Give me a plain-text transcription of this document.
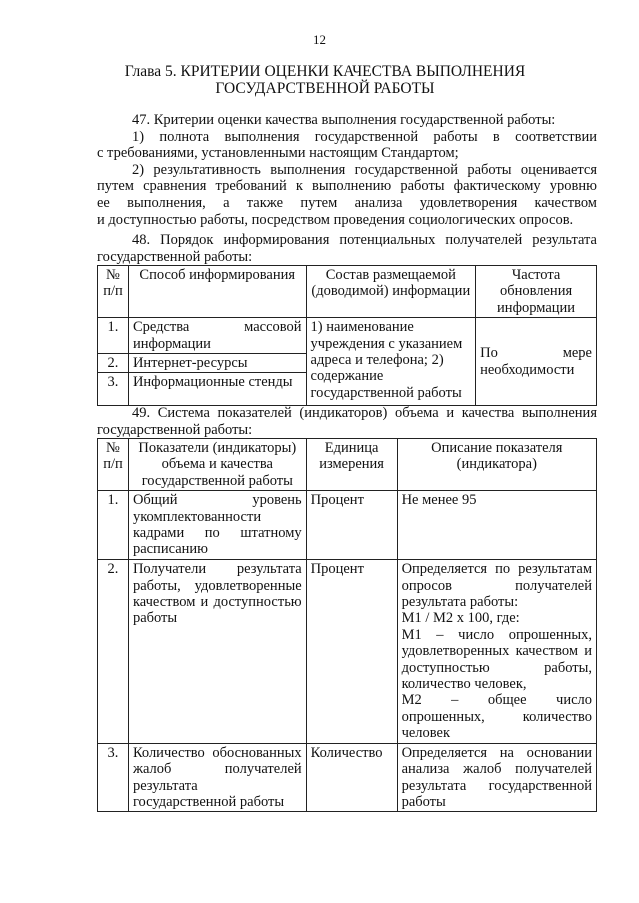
12
Глава 5. КРИТЕРИИ ОЦЕНКИ КАЧЕСТВА ВЫПОЛНЕНИЯ
ГОСУДАРСТВЕННОЙ РАБОТЫ
47. Критерии оценки качества выполнения государственной работы:
1) полнота выполнения государственной работы в соответствии
с требованиями, установленными настоящим Стандартом;
2) результативность выполнения государственной работы оценивается
путем сравнения требований к выполнению работы фактическому уровню
ее выполнения, а также путем анализа удовлетворения качеством
и доступностью работы, посредством проведения социологических опросов.
48. Порядок информирования потенциальных получателей результата
государственной работы:
№ п/п	Способ информирования	Состав размещаемой (доводимой) информации	Частота обновления информации
1.	Средства массовой информации	1) наименование учреждения с указанием адреса и телефона; 2) содержание государственной работы	По мере необходимости
2.	Интернет-ресурсы		
3.	Информационные стенды		
49. Система показателей (индикаторов) объема и качества выполнения
государственной работы:
№ п/п	Показатели (индикаторы) объема и качества государственной работы	Единица измерения	Описание показателя (индикатора)
1.	Общий уровень укомплектованности кадрами по штатному расписанию	Процент	Не менее 95
2.	Получатели результата работы, удовлетворенные качеством и доступностью работы	Процент	Определяется по результатам опросов получателей результата работы:
M1 / M2 x 100, где:
M1 – число опрошенных, удовлетворенных качеством и доступностью работы, количество человек,
M2 – общее число опрошенных, количество человек

3.	Количество обоснованных жалоб получателей результата государственной работы	Количество	Определяется на основании анализа жалоб получателей результата государственной работы
